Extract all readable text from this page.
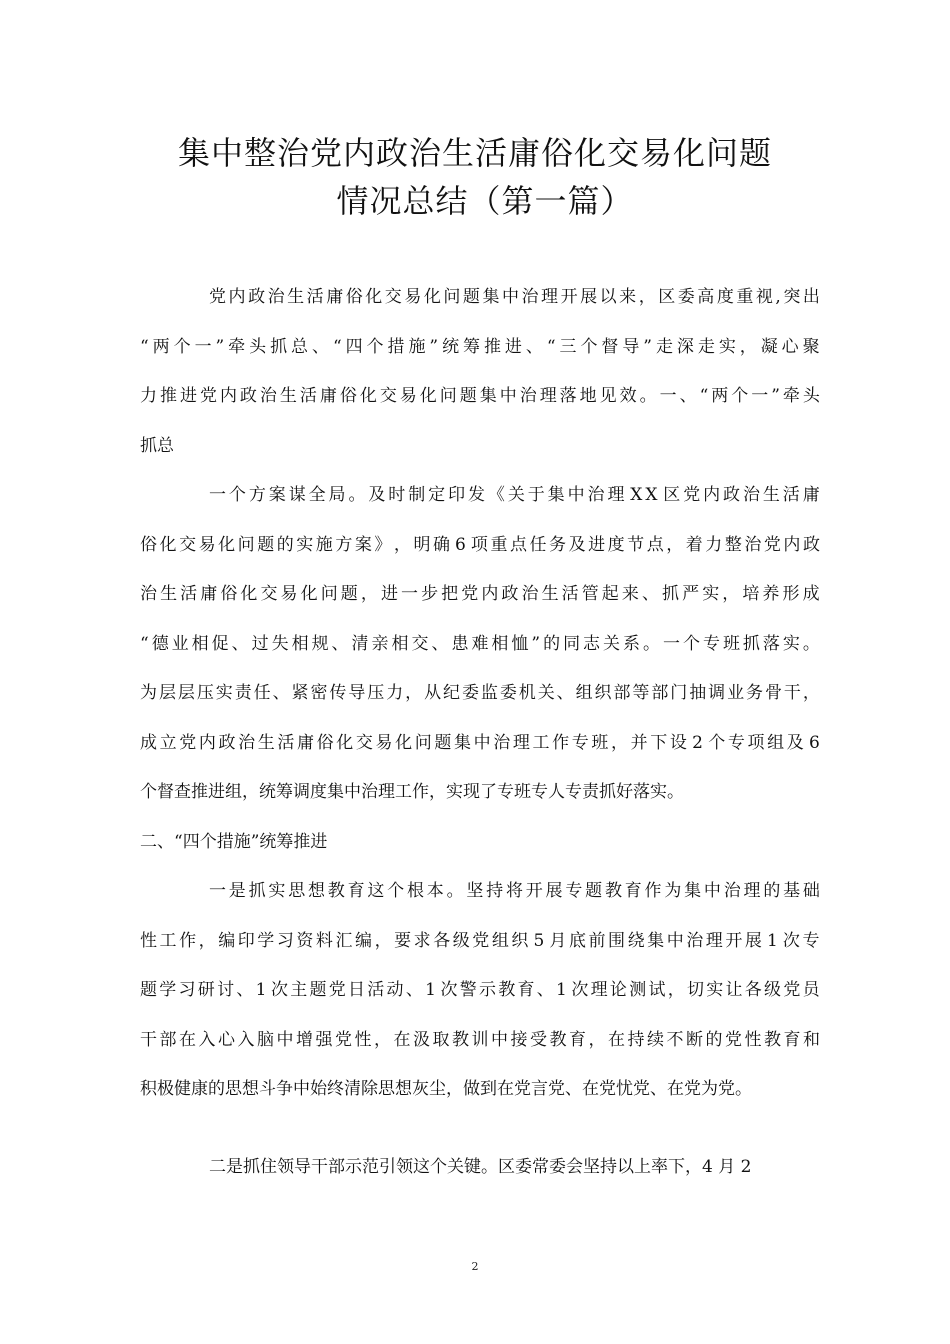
集中整治党内政治生活庸俗化交易化问题
情况总结（第一篇）
党 内 政 治 生 活 庸 俗 化 交 易 化 问 题 集 中 治 理 开 展 以 来 ， 区 委 高 度 重 视 , 突 出
“ 两 个 一 ” 牵 头 抓 总 、 “ 四 个 措 施 ” 统 筹 推 进 、 “ 三 个 督 导 ” 走 深 走 实 ， 凝 心 聚
力 推 进 党 内 政 治 生 活 庸 俗 化 交 易 化 问 题 集 中 治 理 落 地 见 效 。 一 、 “ 两 个 一 ” 牵 头
抓总
一 个 方 案 谋 全 局 。 及 时 制 定 印 发 《 关 于 集 中 治 理 X X 区 党 内 政 治 生 活 庸
俗 化 交 易 化 问 题 的 实 施 方 案 》 ， 明 确 6 项 重 点 任 务 及 进 度 节 点 ， 着 力 整 治 党 内 政
治 生 活 庸 俗 化 交 易 化 问 题 ， 进 一 步 把 党 内 政 治 生 活 管 起 来 、 抓 严 实 ， 培 养 形 成
“ 德 业 相 促 、 过 失 相 规 、 清 亲 相 交 、 患 难 相 恤 ” 的 同 志 关 系 。 一 个 专 班 抓 落 实 。
为 层 层 压 实 责 任 、 紧 密 传 导 压 力 ， 从 纪 委 监 委 机 关 、 组 织 部 等 部 门 抽 调 业 务 骨 干 ，
成 立 党 内 政 治 生 活 庸 俗 化 交 易 化 问 题 集 中 治 理 工 作 专 班 ， 并 下 设 2 个 专 项 组 及 6
个督查推进组，统筹调度集中治理工作，实现了专班专人专责抓好落实。
二、“四个措施”统筹推进
一 是 抓 实 思 想 教 育 这 个 根 本 。 坚 持 将 开 展 专 题 教 育 作 为 集 中 治 理 的 基 础
性 工 作 ， 编 印 学 习 资 料 汇 编 ， 要 求 各 级 党 组 织 5 月 底 前 围 绕 集 中 治 理 开 展 1 次 专
题 学 习 研 讨 、 1 次 主 题 党 日 活 动 、 1 次 警 示 教 育 、 1 次 理 论 测 试 ， 切 实 让 各 级 党 员
干 部 在 入 心 入 脑 中 增 强 党 性 ， 在 汲 取 教 训 中 接 受 教 育 ， 在 持 续 不 断 的 党 性 教 育 和
积极健康的思想斗争中始终清除思想灰尘，做到在党言党、在党忧党、在党为党。
二是抓住领导干部示范引领这个关键。区委常委会坚持以上率下，4 月 2
2
